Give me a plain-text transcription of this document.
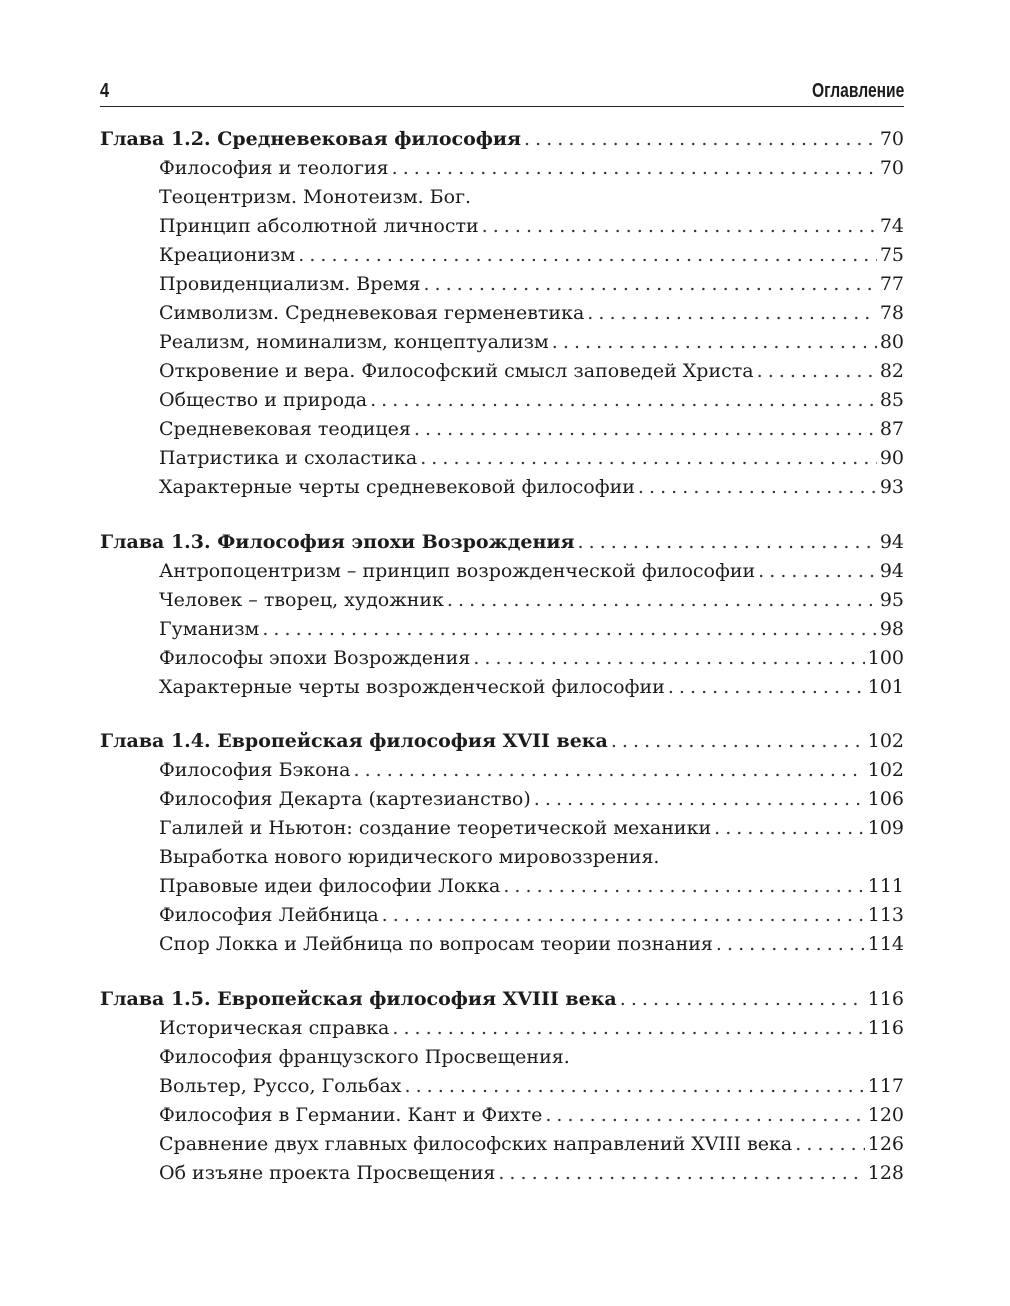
4	Оглавление
Глава 1.2. Средневековая философия . . .	70
Философия и теология . . .	70
Теоцентризм. Монотеизм. Бог.
Принцип абсолютной личности . . .	74
Креационизм . . .	75
Провиденциализм. Время . . .	77
Символизм. Средневековая герменевтика . . .	78
Реализм, номинализм, концептуализм . . .	80
Откровение и вера. Философский смысл заповедей Христа . . .	82
Общество и природа . . .	85
Средневековая теодицея . . .	87
Патристика и схоластика . . .	90
Характерные черты средневековой философии . . .	93
Глава 1.3. Философия эпохи Возрождения . . .	94
Антропоцентризм – принцип возрожденческой философии . . .	94
Человек – творец, художник . . .	95
Гуманизм . . .	98
Философы эпохи Возрождения . . .	100
Характерные черты возрожденческой философии . . .	101
Глава 1.4. Европейская философия XVII века . . .	102
Философия Бэкона . . .	102
Философия Декарта (картезианство) . . .	106
Галилей и Ньютон: создание теоретической механики . . .	109
Выработка нового юридического мировоззрения.
Правовые идеи философии Локка . . .	111
Философия Лейбница . . .	113
Спор Локка и Лейбница по вопросам теории познания . . .	114
Глава 1.5. Европейская философия XVIII века . . .	116
Историческая справка . . .	116
Философия французского Просвещения.
Вольтер, Руссо, Гольбах . . .	117
Философия в Германии. Кант и Фихте . . .	120
Сравнение двух главных философских направлений XVIII века . . .	126
Об изъяне проекта Просвещения . . .	128
